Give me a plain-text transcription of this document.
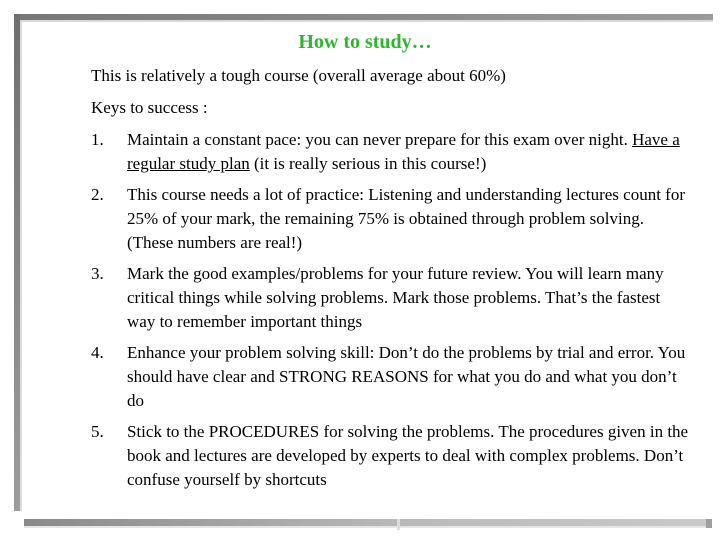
How to study…
This is relatively a tough course (overall average about 60%)
Keys to success :
1. Maintain a constant pace: you can never prepare for this exam over night. Have a regular study plan (it is really serious in this course!)
2. This course needs a lot of practice: Listening and understanding lectures count for 25% of your mark, the remaining 75% is obtained through problem solving. (These numbers are real!)
3. Mark the good examples/problems for your future review. You will learn many critical things while solving problems. Mark those problems. That’s the fastest way to remember important things
4. Enhance your problem solving skill: Don’t do the problems by trial and error. You should have clear and STRONG REASONS for what you do and what you don’t do
5. Stick to the PROCEDURES for solving the problems. The procedures given in the book and lectures are developed by experts to deal with complex problems. Don’t confuse yourself by shortcuts
